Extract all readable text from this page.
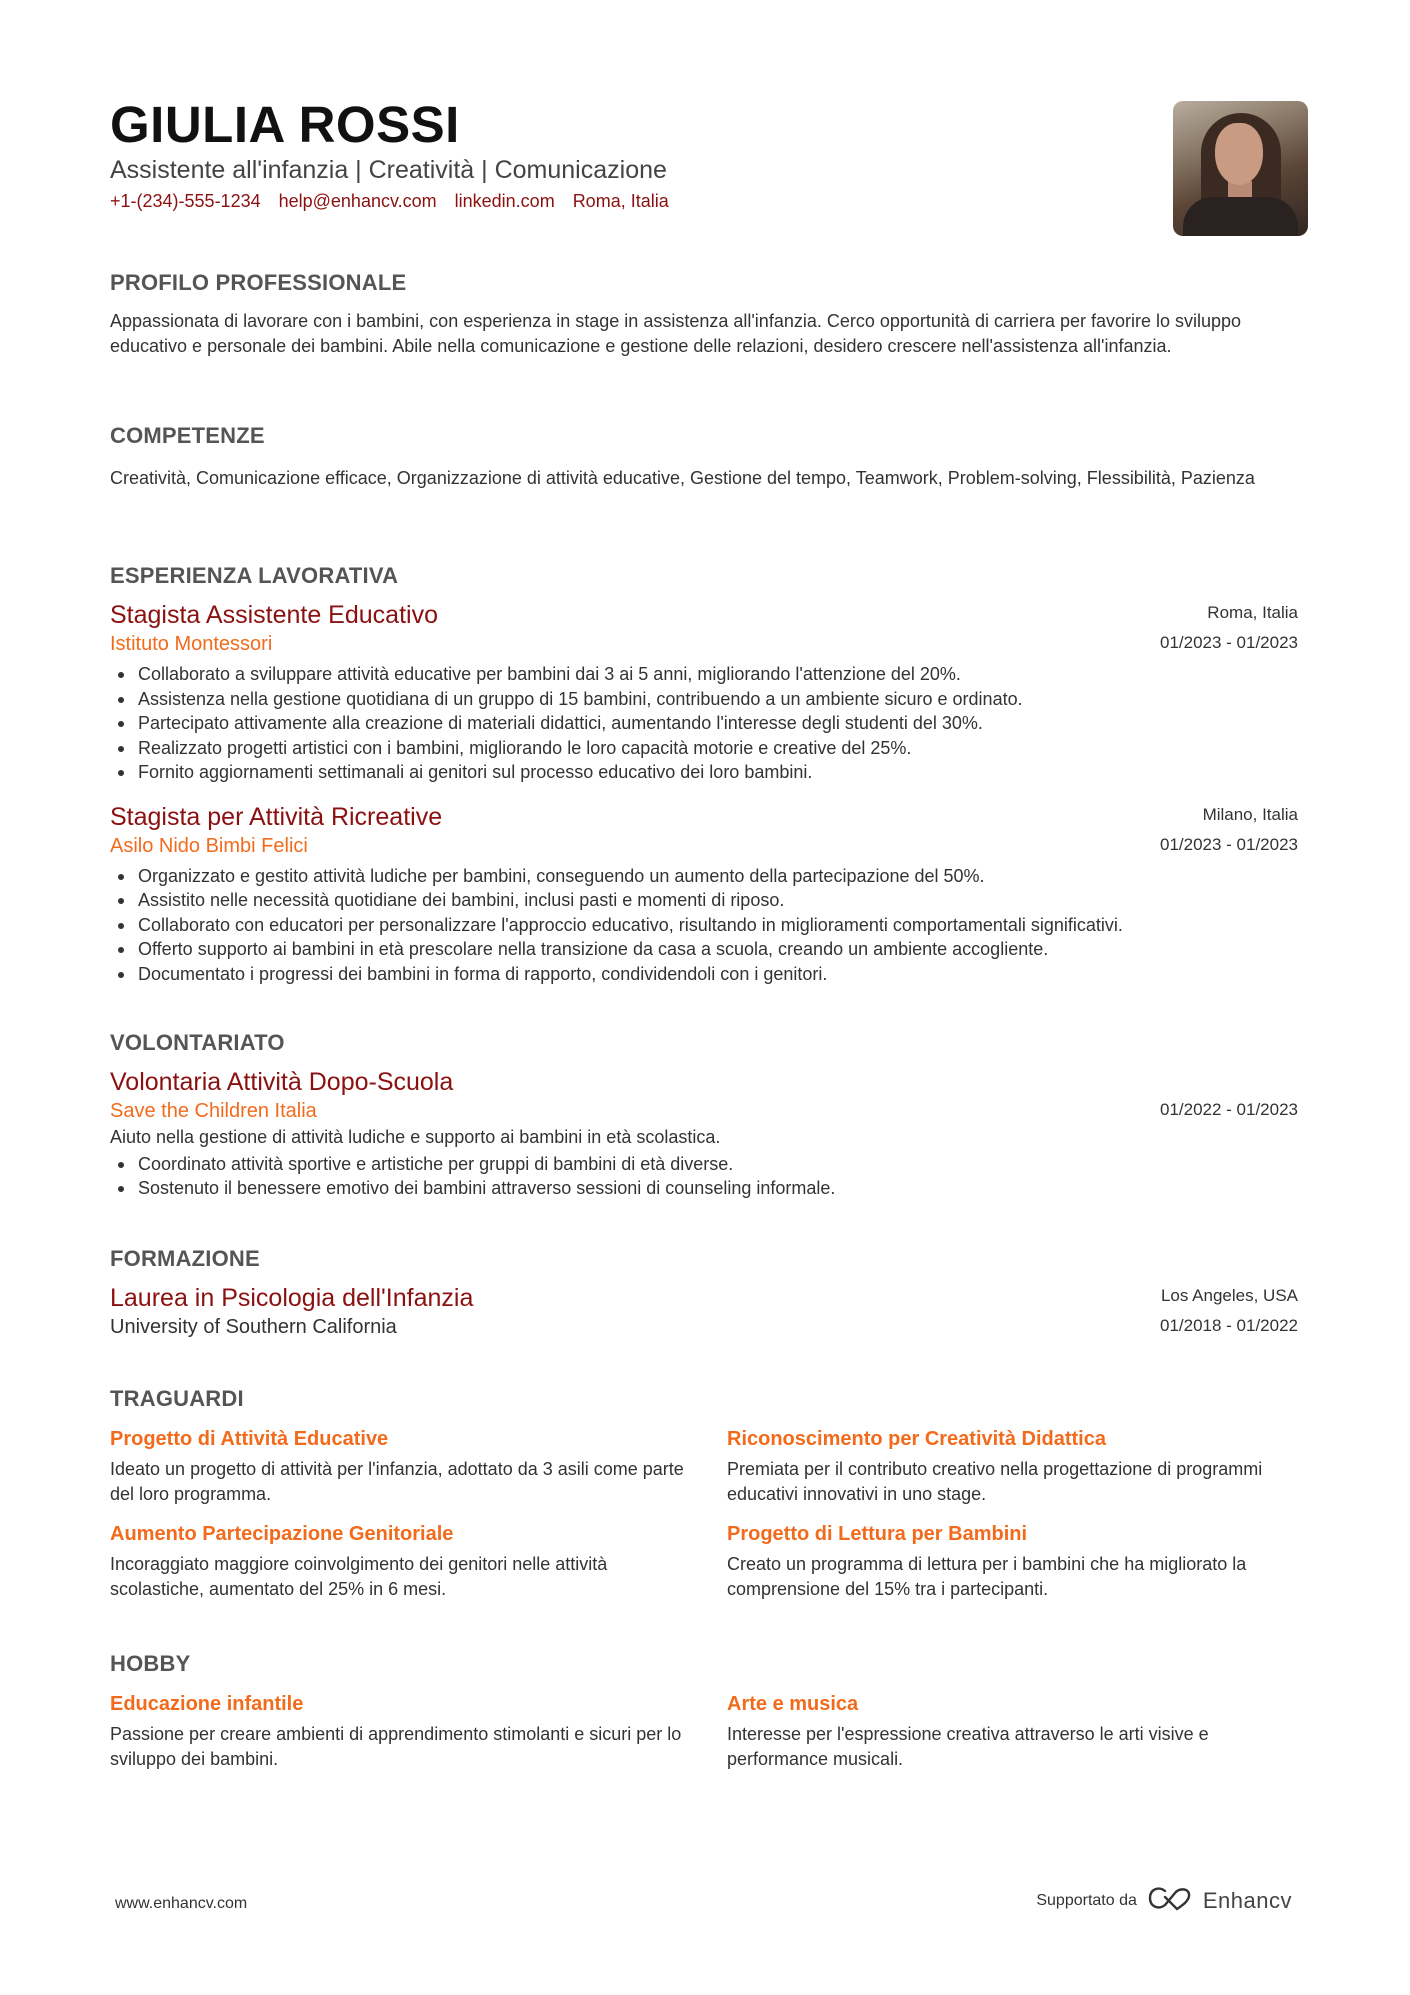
GIULIA ROSSI
Assistente all'infanzia | Creatività | Comunicazione
+1-(234)-555-1234 help@enhancv.com linkedin.com Roma, Italia
PROFILO PROFESSIONALE
Appassionata di lavorare con i bambini, con esperienza in stage in assistenza all'infanzia. Cerco opportunità di carriera per favorire lo sviluppo educativo e personale dei bambini. Abile nella comunicazione e gestione delle relazioni, desidero crescere nell'assistenza all'infanzia.
COMPETENZE
Creatività, Comunicazione efficace, Organizzazione di attività educative, Gestione del tempo, Teamwork, Problem-solving, Flessibilità, Pazienza
ESPERIENZA LAVORATIVA
Stagista Assistente Educativo
Istituto Montessori
Roma, Italia
01/2023 - 01/2023
Collaborato a sviluppare attività educative per bambini dai 3 ai 5 anni, migliorando l'attenzione del 20%.
Assistenza nella gestione quotidiana di un gruppo di 15 bambini, contribuendo a un ambiente sicuro e ordinato.
Partecipato attivamente alla creazione di materiali didattici, aumentando l'interesse degli studenti del 30%.
Realizzato progetti artistici con i bambini, migliorando le loro capacità motorie e creative del 25%.
Fornito aggiornamenti settimanali ai genitori sul processo educativo dei loro bambini.
Stagista per Attività Ricreative
Asilo Nido Bimbi Felici
Milano, Italia
01/2023 - 01/2023
Organizzato e gestito attività ludiche per bambini, conseguendo un aumento della partecipazione del 50%.
Assistito nelle necessità quotidiane dei bambini, inclusi pasti e momenti di riposo.
Collaborato con educatori per personalizzare l'approccio educativo, risultando in miglioramenti comportamentali significativi.
Offerto supporto ai bambini in età prescolare nella transizione da casa a scuola, creando un ambiente accogliente.
Documentato i progressi dei bambini in forma di rapporto, condividendoli con i genitori.
VOLONTARIATO
Volontaria Attività Dopo-Scuola
Save the Children Italia	01/2022 - 01/2023
Aiuto nella gestione di attività ludiche e supporto ai bambini in età scolastica.
Coordinato attività sportive e artistiche per gruppi di bambini di età diverse.
Sostenuto il benessere emotivo dei bambini attraverso sessioni di counseling informale.
FORMAZIONE
Laurea in Psicologia dell'Infanzia
University of Southern California
Los Angeles, USA
01/2018 - 01/2022
TRAGUARDI
Progetto di Attività Educative
Ideato un progetto di attività per l'infanzia, adottato da 3 asili come parte del loro programma.
Riconoscimento per Creatività Didattica
Premiata per il contributo creativo nella progettazione di programmi educativi innovativi in uno stage.
Aumento Partecipazione Genitoriale
Incoraggiato maggiore coinvolgimento dei genitori nelle attività scolastiche, aumentato del 25% in 6 mesi.
Progetto di Lettura per Bambini
Creato un programma di lettura per i bambini che ha migliorato la comprensione del 15% tra i partecipanti.
HOBBY
Educazione infantile
Passione per creare ambienti di apprendimento stimolanti e sicuri per lo sviluppo dei bambini.
Arte e musica
Interesse per l'espressione creativa attraverso le arti visive e performance musicali.
www.enhancv.com	Supportato da	Enhancv
